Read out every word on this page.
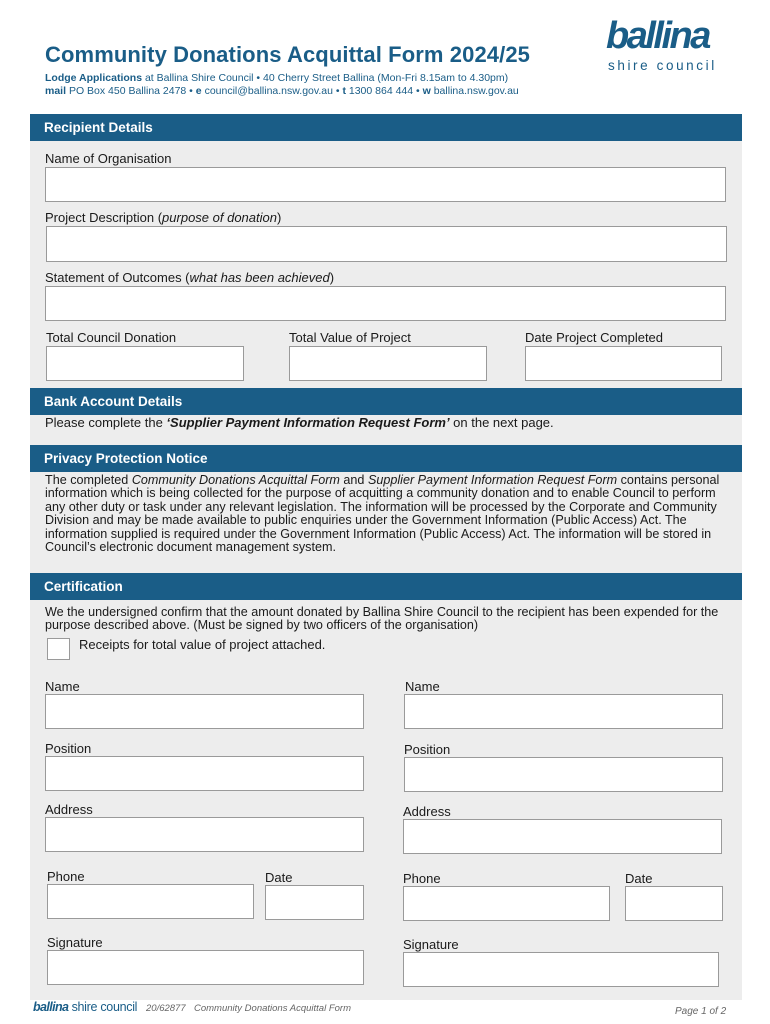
Community Donations Acquittal Form 2024/25
Lodge Applications at Ballina Shire Council • 40 Cherry Street Ballina (Mon-Fri 8.15am to 4.30pm)
mail PO Box 450 Ballina 2478 • e council@ballina.nsw.gov.au • t 1300 864 444 • w ballina.nsw.gov.au
ballina
shire council
Recipient Details
Name of Organisation
Project Description (purpose of donation)
Statement of Outcomes (what has been achieved)
Total Council Donation	Total Value of Project	Date Project Completed
Bank Account Details
Please complete the ‘Supplier Payment Information Request Form’ on the next page.
Privacy Protection Notice
The completed Community Donations Acquittal Form and Supplier Payment Information Request Form contains personal information which is being collected for the purpose of acquitting a community donation and to enable Council to perform any other duty or task under any relevant legislation. The information will be processed by the Corporate and Community Division and may be made available to public enquiries under the Government Information (Public Access) Act. The information supplied is required under the Government Information (Public Access) Act. The information will be stored in Council’s electronic document management system.
Certification
We the undersigned confirm that the amount donated by Ballina Shire Council to the recipient has been expended for the purpose described above. (Must be signed by two officers of the organisation)
Receipts for total value of project attached.
Name
Position
Address
Phone	Date
Signature
Name
Position
Address
Phone	Date
Signature
ballina shire council 20/62877 Community Donations Acquittal Form	Page 1 of 2
